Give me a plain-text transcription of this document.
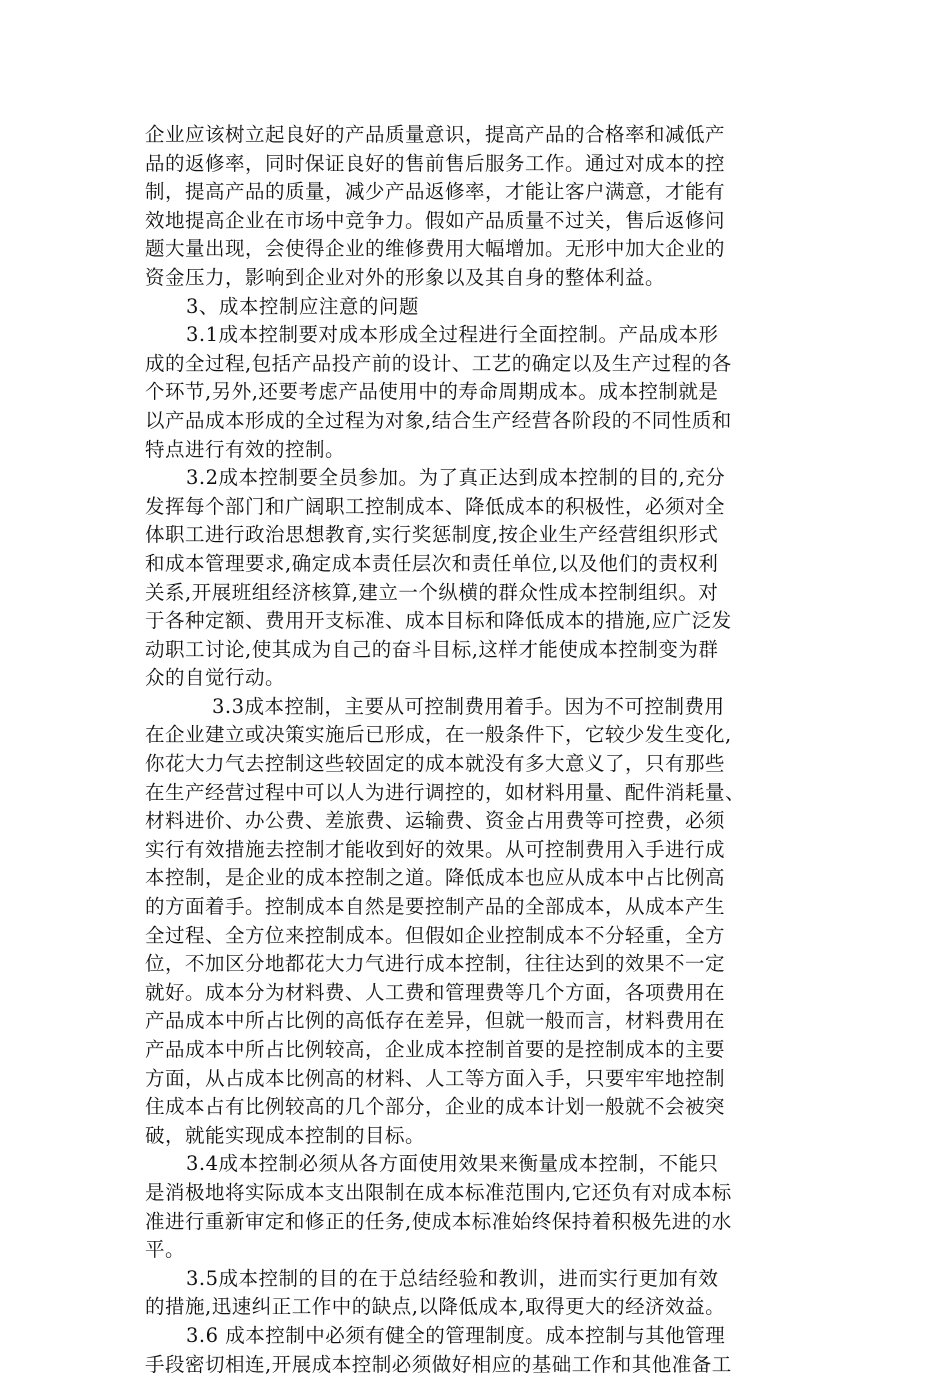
企业应该树立起良好的产品质量意识，提高产品的合格率和减低产
品的返修率，同时保证良好的售前售后服务工作。通过对成本的控
制，提高产品的质量，减少产品返修率，才能让客户满意，才能有
效地提高企业在市场中竞争力。假如产品质量不过关，售后返修问
题大量出现，会使得企业的维修费用大幅增加。无形中加大企业的
资金压力，影响到企业对外的形象以及其自身的整体利益。
3、成本控制应注意的问题
3.1成本控制要对成本形成全过程进行全面控制。产品成本形
成的全过程,包括产品投产前的设计、工艺的确定以及生产过程的各
个环节,另外,还要考虑产品使用中的寿命周期成本。成本控制就是
以产品成本形成的全过程为对象,结合生产经营各阶段的不同性质和
特点进行有效的控制。
3.2成本控制要全员参加。为了真正达到成本控制的目的,充分
发挥每个部门和广阔职工控制成本、降低成本的积极性，必须对全
体职工进行政治思想教育,实行奖惩制度,按企业生产经营组织形式
和成本管理要求,确定成本责任层次和责任单位,以及他们的责权利
关系,开展班组经济核算,建立一个纵横的群众性成本控制组织。对
于各种定额、费用开支标准、成本目标和降低成本的措施,应广泛发
动职工讨论,使其成为自己的奋斗目标,这样才能使成本控制变为群
众的自觉行动。
3.3成本控制，主要从可控制费用着手。因为不可控制费用
在企业建立或决策实施后已形成，在一般条件下，它较少发生变化,
你花大力气去控制这些较固定的成本就没有多大意义了，只有那些
在生产经营过程中可以人为进行调控的，如材料用量、配件消耗量、
材料进价、办公费、差旅费、运输费、资金占用费等可控费，必须
实行有效措施去控制才能收到好的效果。从可控制费用入手进行成
本控制，是企业的成本控制之道。降低成本也应从成本中占比例高
的方面着手。控制成本自然是要控制产品的全部成本，从成本产生
全过程、全方位来控制成本。但假如企业控制成本不分轻重，全方
位，不加区分地都花大力气进行成本控制，往往达到的效果不一定
就好。成本分为材料费、人工费和管理费等几个方面，各项费用在
产品成本中所占比例的高低存在差异，但就一般而言，材料费用在
产品成本中所占比例较高，企业成本控制首要的是控制成本的主要
方面，从占成本比例高的材料、人工等方面入手，只要牢牢地控制
住成本占有比例较高的几个部分，企业的成本计划一般就不会被突
破，就能实现成本控制的目标。
3.4成本控制必须从各方面使用效果来衡量成本控制，不能只
是消极地将实际成本支出限制在成本标准范围内,它还负有对成本标
准进行重新审定和修正的任务,使成本标准始终保持着积极先进的水
平。
3.5成本控制的目的在于总结经验和教训，进而实行更加有效
的措施,迅速纠正工作中的缺点,以降低成本,取得更大的经济效益。
3.6 成本控制中必须有健全的管理制度。成本控制与其他管理
手段密切相连,开展成本控制必须做好相应的基础工作和其他准备工
